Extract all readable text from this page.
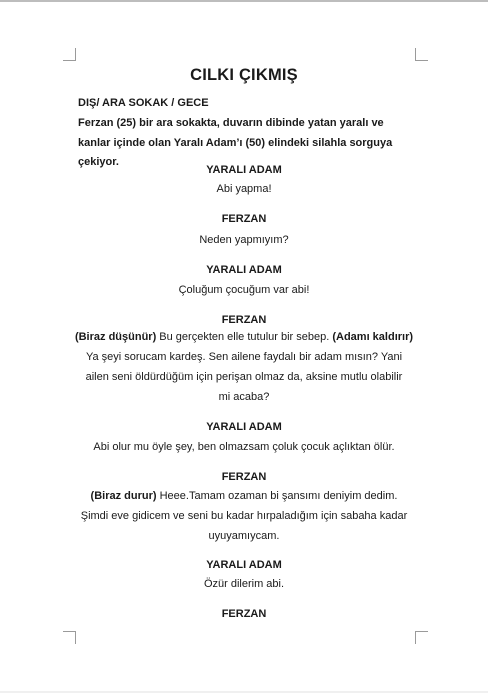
CILKI ÇIKMIŞ
DIŞ/ ARA SOKAK / GECE
Ferzan (25) bir ara sokakta, duvarın dibinde yatan yaralı ve kanlar içinde olan Yaralı Adam’ı (50) elindeki silahla sorguya çekiyor.
YARALI ADAM
Abi yapma!
FERZAN
Neden yapmıyım?
YARALI ADAM
Çoluğum çocuğum var abi!
FERZAN
(Biraz düşünür) Bu gerçekten elle tutulur bir sebep. (Adamı kaldırır)
Ya şeyi sorucam kardeş. Sen ailene faydalı bir adam mısın? Yani
ailen seni öldürdüğüm için perişan olmaz da, aksine mutlu olabilir
mi acaba?
YARALI ADAM
Abi olur mu öyle şey, ben olmazsam çoluk çocuk açlıktan ölür.
FERZAN
(Biraz durur) Heee.Tamam ozaman bi şansımı deniyim dedim.
Şimdi eve gidicem ve seni bu kadar hırpaladığım için sabaha kadar
uyuyamıycam.
YARALI ADAM
Özür dilerim abi.
FERZAN
